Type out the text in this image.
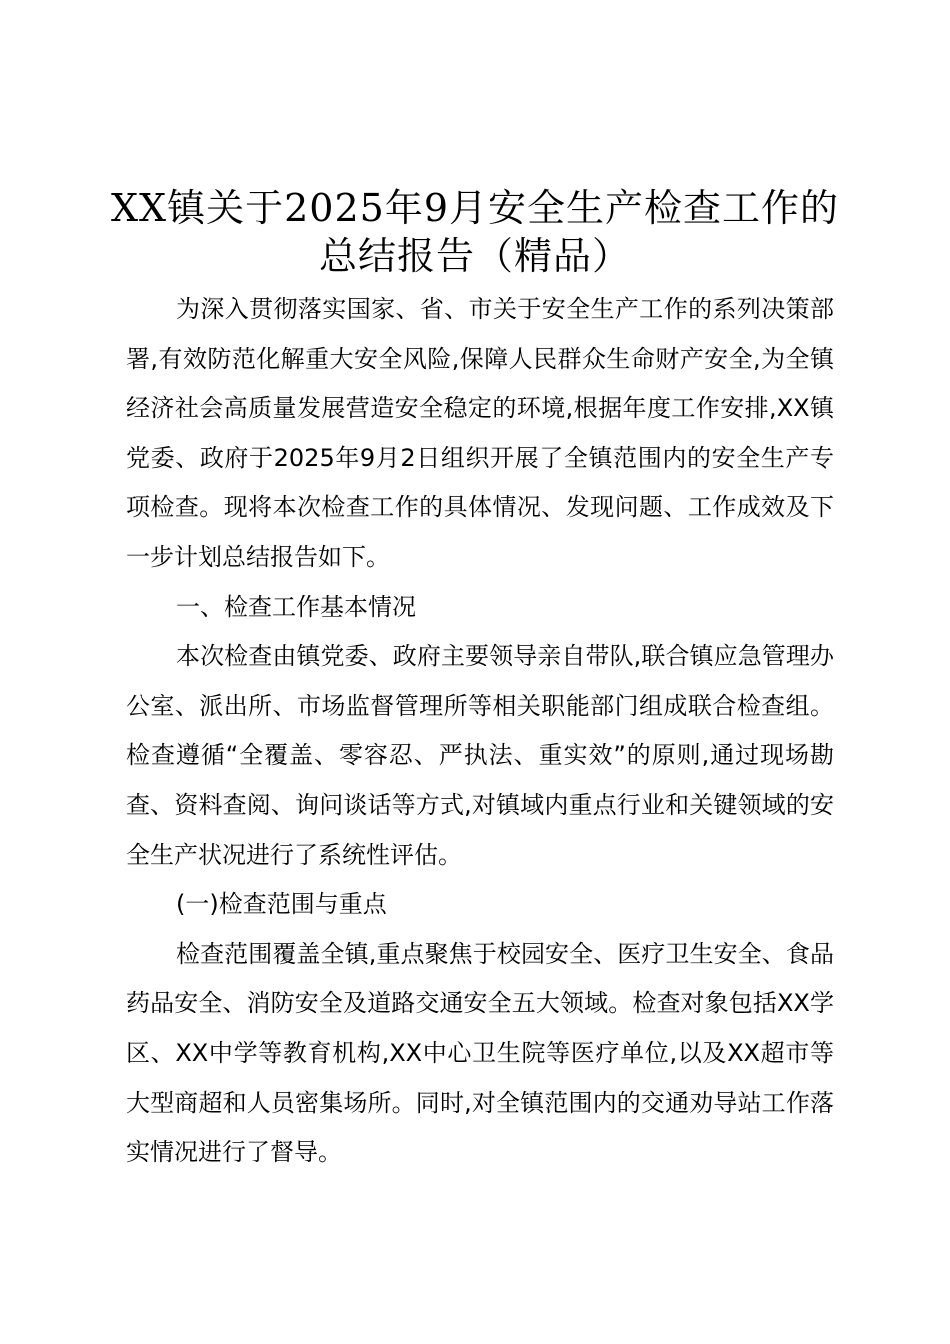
XX镇关于2025年9月安全生产检查工作的总结报告（精品）

为深入贯彻落实国家、省、市关于安全生产工作的系列决策部署,有效防范化解重大安全风险,保障人民群众生命财产安全,为全镇经济社会高质量发展营造安全稳定的环境,根据年度工作安排,XX镇党委、政府于2025年9月2日组织开展了全镇范围内的安全生产专项检查。现将本次检查工作的具体情况、发现问题、工作成效及下一步计划总结报告如下。

一、检查工作基本情况

本次检查由镇党委、政府主要领导亲自带队,联合镇应急管理办公室、派出所、市场监督管理所等相关职能部门组成联合检查组。检查遵循“全覆盖、零容忍、严执法、重实效”的原则,通过现场勘查、资料查阅、询问谈话等方式,对镇域内重点行业和关键领域的安全生产状况进行了系统性评估。

(一)检查范围与重点

检查范围覆盖全镇,重点聚焦于校园安全、医疗卫生安全、食品药品安全、消防安全及道路交通安全五大领域。检查对象包括XX学区、XX中学等教育机构,XX中心卫生院等医疗单位,以及XX超市等大型商超和人员密集场所。同时,对全镇范围内的交通劝导站工作落实情况进行了督导。
